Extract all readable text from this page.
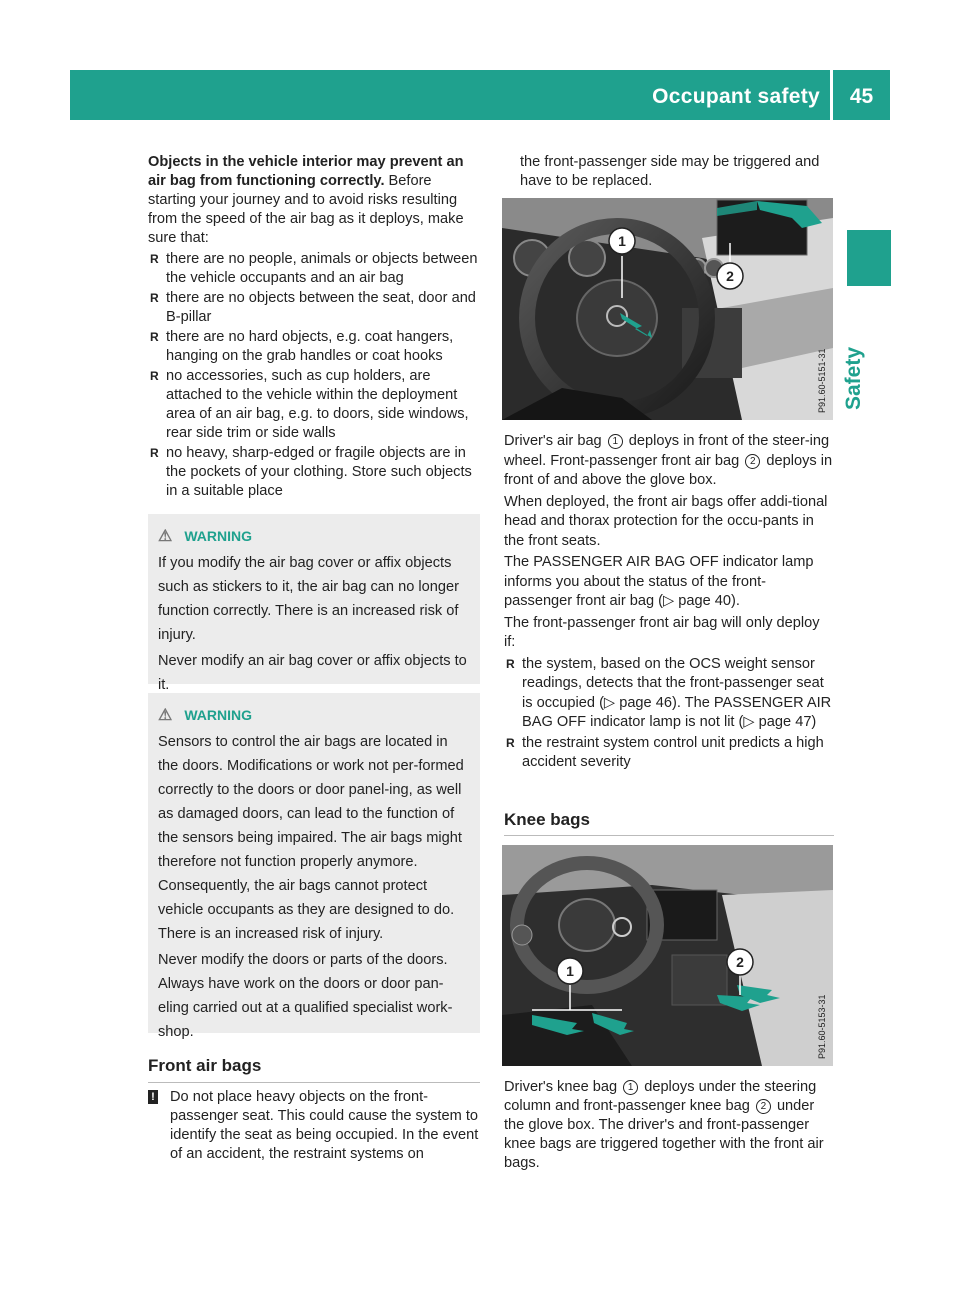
Occupant safety	45
Safety

Objects in the vehicle interior may prevent an air bag from functioning correctly. Before starting your journey and to avoid risks resulting from the speed of the air bag as it deploys, make sure that:

R there are no people, animals or objects between the vehicle occupants and an air bag
R there are no objects between the seat, door and B-pillar
R there are no hard objects, e.g. coat hangers, hanging on the grab handles or coat hooks
R no accessories, such as cup holders, are attached to the vehicle within the deployment area of an air bag, e.g. to doors, side windows, rear side trim or side walls
R no heavy, sharp-edged or fragile objects are in the pockets of your clothing. Store such objects in a suitable place
⚠ WARNING

If you modify the air bag cover or affix objects such as stickers to it, the air bag can no longer function correctly. There is an increased risk of injury.

Never modify an air bag cover or affix objects to it.

⚠ WARNING

Sensors to control the air bags are located in the doors. Modifications or work not per-formed correctly to the doors or door panel-ing, as well as damaged doors, can lead to the function of the sensors being impaired. The air bags might therefore not function properly anymore. Consequently, the air bags cannot protect vehicle occupants as they are designed to do. There is an increased risk of injury.

Never modify the doors or parts of the doors. Always have work on the doors or door pan-eling carried out at a qualified specialist work-shop.

Front air bags
!	Do not place heavy objects on the front-passenger seat. This could cause the system to identify the seat as being occupied. In the event of an accident, the restraint systems on

the front-passenger side may be triggered and have to be replaced.

1
2
P91.60-5151-31

Driver's air bag 1 deploys in front of the steer-ing wheel. Front-passenger front air bag 2 deploys in front of and above the glove box.

When deployed, the front air bags offer addi-tional head and thorax protection for the occu-pants in the front seats.

The PASSENGER AIR BAG OFF indicator lamp informs you about the status of the front-passenger front air bag (▷ page 40).

The front-passenger front air bag will only deploy if:

R the system, based on the OCS weight sensor readings, detects that the front-passenger seat is occupied (▷ page 46). The PASSENGER AIR BAG OFF indicator lamp is not lit (▷ page 47)
R the restraint system control unit predicts a high accident severity
Knee bags
1
2
P91.60-5153-31

Driver's knee bag 1 deploys under the steering column and front-passenger knee bag 2 under the glove box. The driver's and front-passenger knee bags are triggered together with the front air bags.
